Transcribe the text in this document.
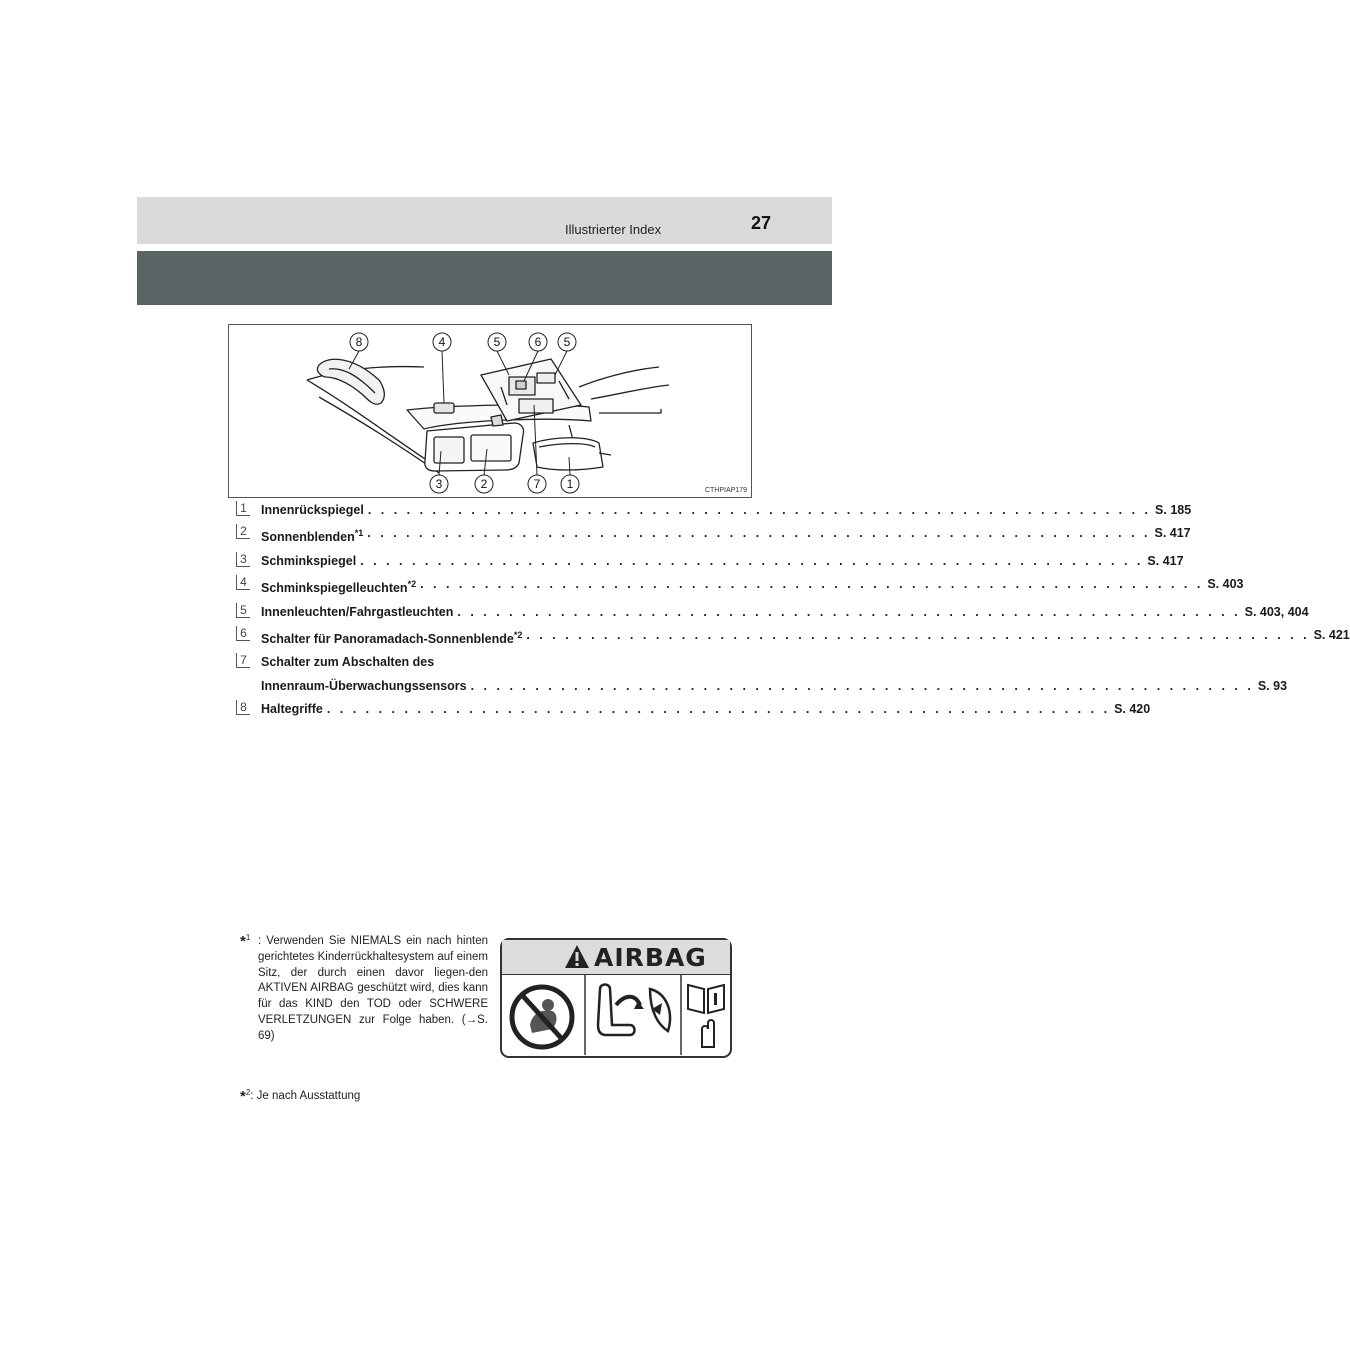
Illustrierter Index	27
8	4	5	6 5
3	2	7 1	CTHPIAP179
1 Innenrückspiegel . . . . . . . . . . . . . . . . . . . . . . . . . . . . . . . . . . . . . . . . . . . . . . . . . . . . . . . . . . . . . S. 185
2 Sonnenblenden$^{*1}$ . . . . . . . . . . . . . . . . . . . . . . . . . . . . . . . . . . . . . . . . . . . . . . . . . . . . . . . . . . . . . S. 417
3 Schminkspiegel . . . . . . . . . . . . . . . . . . . . . . . . . . . . . . . . . . . . . . . . . . . . . . . . . . . . . . . . . . . . . S. 417
4 Schminkspiegelleuchten$^{*2}$ . . . . . . . . . . . . . . . . . . . . . . . . . . . . . . . . . . . . . . . . . . . . . . . . . . . . . . . . . . . . . S. 403
5 Innenleuchten/Fahrgastleuchten . . . . . . . . . . . . . . . . . . . . . . . . . . . . . . . . . . . . . . . . . . . . . . . . . . . . . . . . . . . . . S. 403, 404
6 Schalter für Panoramadach-Sonnenblende$^{*2}$ . . . . . . . . . . . . . . . . . . . . . . . . . . . . . . . . . . . . . . . . . . . . . . . . . . . . . . . . . . . . . S. 421
7 Schalter zum Abschalten des
Innenraum-Überwachungssensors . . . . . . . . . . . . . . . . . . . . . . . . . . . . . . . . . . . . . . . . . . . . . . . . . . . . . . . . . . . . . S. 93
8 Haltegriffe . . . . . . . . . . . . . . . . . . . . . . . . . . . . . . . . . . . . . . . . . . . . . . . . . . . . . . . . . . . . . S. 420
*$^1$ : Verwenden Sie NIEMALS ein nach hinten gerichtetes Kinderrückhaltesystem auf einem Sitz, der durch einen davor liegen-den AKTIVEN AIRBAG geschützt wird, dies kann für das KIND den TOD oder SCHWERE VERLETZUNGEN zur Folge haben. (→S. 69)
*$^2$: Je nach Ausstattung
AIRBAG
